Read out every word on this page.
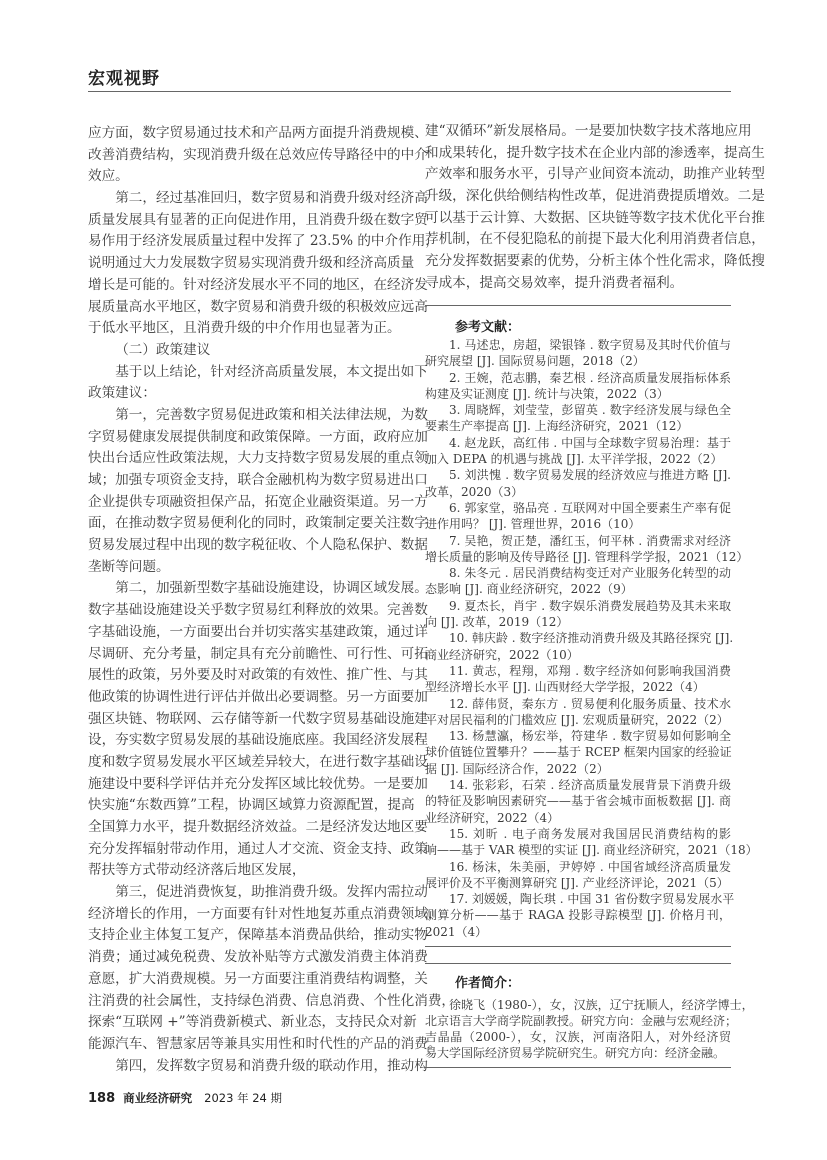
宏观视野
应方面，数字贸易通过技术和产品两方面提升消费规模、
改善消费结构，实现消费升级在总效应传导路径中的中介
效应。
第二，经过基准回归，数字贸易和消费升级对经济高
质量发展具有显著的正向促进作用，且消费升级在数字贸
易作用于经济发展质量过程中发挥了 23.5% 的中介作用，
说明通过大力发展数字贸易实现消费升级和经济高质量
增长是可能的。针对经济发展水平不同的地区，在经济发
展质量高水平地区，数字贸易和消费升级的积极效应远高
于低水平地区，且消费升级的中介作用也显著为正。
（二）政策建议
基于以上结论，针对经济高质量发展，本文提出如下
政策建议：
第一，完善数字贸易促进政策和相关法律法规，为数
字贸易健康发展提供制度和政策保障。一方面，政府应加
快出台适应性政策法规，大力支持数字贸易发展的重点领
域；加强专项资金支持，联合金融机构为数字贸易进出口
企业提供专项融资担保产品，拓宽企业融资渠道。另一方
面，在推动数字贸易便利化的同时，政策制定要关注数字
贸易发展过程中出现的数字税征收、个人隐私保护、数据
垄断等问题。
第二，加强新型数字基础设施建设，协调区域发展。
数字基础设施建设关乎数字贸易红利释放的效果。完善数
字基础设施，一方面要出台并切实落实基建政策，通过详
尽调研、充分考量，制定具有充分前瞻性、可行性、可拓
展性的政策，另外要及时对政策的有效性、推广性、与其
他政策的协调性进行评估并做出必要调整。另一方面要加
强区块链、物联网、云存储等新一代数字贸易基础设施建
设，夯实数字贸易发展的基础设施底座。我国经济发展程
度和数字贸易发展水平区域差异较大，在进行数字基础设
施建设中要科学评估并充分发挥区域比较优势。一是要加
快实施“东数西算”工程，协调区域算力资源配置，提高
全国算力水平，提升数据经济效益。二是经济发达地区要
充分发挥辐射带动作用，通过人才交流、资金支持、政策
帮扶等方式带动经济落后地区发展，
第三，促进消费恢复，助推消费升级。发挥内需拉动
经济增长的作用，一方面要有针对性地复苏重点消费领域，
支持企业主体复工复产，保障基本消费品供给，推动实物
消费；通过减免税费、发放补贴等方式激发消费主体消费
意愿，扩大消费规模。另一方面要注重消费结构调整，关
注消费的社会属性，支持绿色消费、信息消费、个性化消费，
探索“互联网 +”等消费新模式、新业态，支持民众对新
能源汽车、智慧家居等兼具实用性和时代性的产品的消费。
第四，发挥数字贸易和消费升级的联动作用，推动构
建“双循环”新发展格局。一是要加快数字技术落地应用
和成果转化，提升数字技术在企业内部的渗透率，提高生
产效率和服务水平，引导产业间资本流动，助推产业转型
升级，深化供给侧结构性改革，促进消费提质增效。二是
可以基于云计算、大数据、区块链等数字技术优化平台推
荐机制，在不侵犯隐私的前提下最大化利用消费者信息，
充分发挥数据要素的优势，分析主体个性化需求，降低搜
寻成本，提高交易效率，提升消费者福利。
参考文献：
1. 马述忠，房超，梁银锋 . 数字贸易及其时代价值与
研究展望 [J]. 国际贸易问题，2018（2）
2. 王婉，范志鹏，秦艺根 . 经济高质量发展指标体系
构建及实证测度 [J]. 统计与决策，2022（3）
3. 周晓辉，刘莹莹，彭留英 . 数字经济发展与绿色全
要素生产率提高 [J]. 上海经济研究，2021（12）
4. 赵龙跃，高红伟 . 中国与全球数字贸易治理：基于
加入 DEPA 的机遇与挑战 [J]. 太平洋学报，2022（2）
5. 刘洪愧 . 数字贸易发展的经济效应与推进方略 [J].
改革，2020（3）
6. 郭家堂，骆品亮 . 互联网对中国全要素生产率有促
进作用吗？ [J]. 管理世界，2016（10）
7. 吴艳，贺正楚，潘红玉，何平林 . 消费需求对经济
增长质量的影响及传导路径 [J]. 管理科学学报，2021（12）
8. 朱冬元 . 居民消费结构变迁对产业服务化转型的动
态影响 [J]. 商业经济研究，2022（9）
9. 夏杰长，肖宇 . 数字娱乐消费发展趋势及其未来取
向 [J]. 改革，2019（12）
10. 韩庆龄 . 数字经济推动消费升级及其路径探究 [J].
商业经济研究，2022（10）
11. 黄志，程翔，邓翔 . 数字经济如何影响我国消费
型经济增长水平 [J]. 山西财经大学学报，2022（4）
12. 薛伟贤，秦东方 . 贸易便利化服务质量、技术水
平对居民福利的门槛效应 [J]. 宏观质量研究，2022（2）
13. 杨慧瀛，杨宏举，符建华 . 数字贸易如何影响全
球价值链位置攀升？——基于 RCEP 框架内国家的经验证
据 [J]. 国际经济合作，2022（2）
14. 张彩彩，石荣 . 经济高质量发展背景下消费升级
的特征及影响因素研究——基于省会城市面板数据 [J]. 商
业经济研究，2022（4）
15. 刘昕 . 电子商务发展对我国居民消费结构的影
响——基于 VAR 模型的实证 [J]. 商业经济研究，2021（18）
16. 杨沫，朱美丽，尹婷婷 . 中国省域经济高质量发
展评价及不平衡测算研究 [J]. 产业经济评论，2021（5）
17. 刘媛媛，陶长琪 . 中国 31 省份数字贸易发展水平
测算分析——基于 RAGA 投影寻踪模型 [J]. 价格月刊，
2021（4）
作者简介：
徐晓飞（1980-），女，汉族，辽宁抚顺人，经济学博士，
北京语言大学商学院副教授。研究方向：金融与宏观经济；
吉晶晶（2000-），女，汉族，河南洛阳人，对外经济贸
易大学国际经济贸易学院研究生。研究方向：经济金融。
188 商业经济研究 2023 年 24 期
